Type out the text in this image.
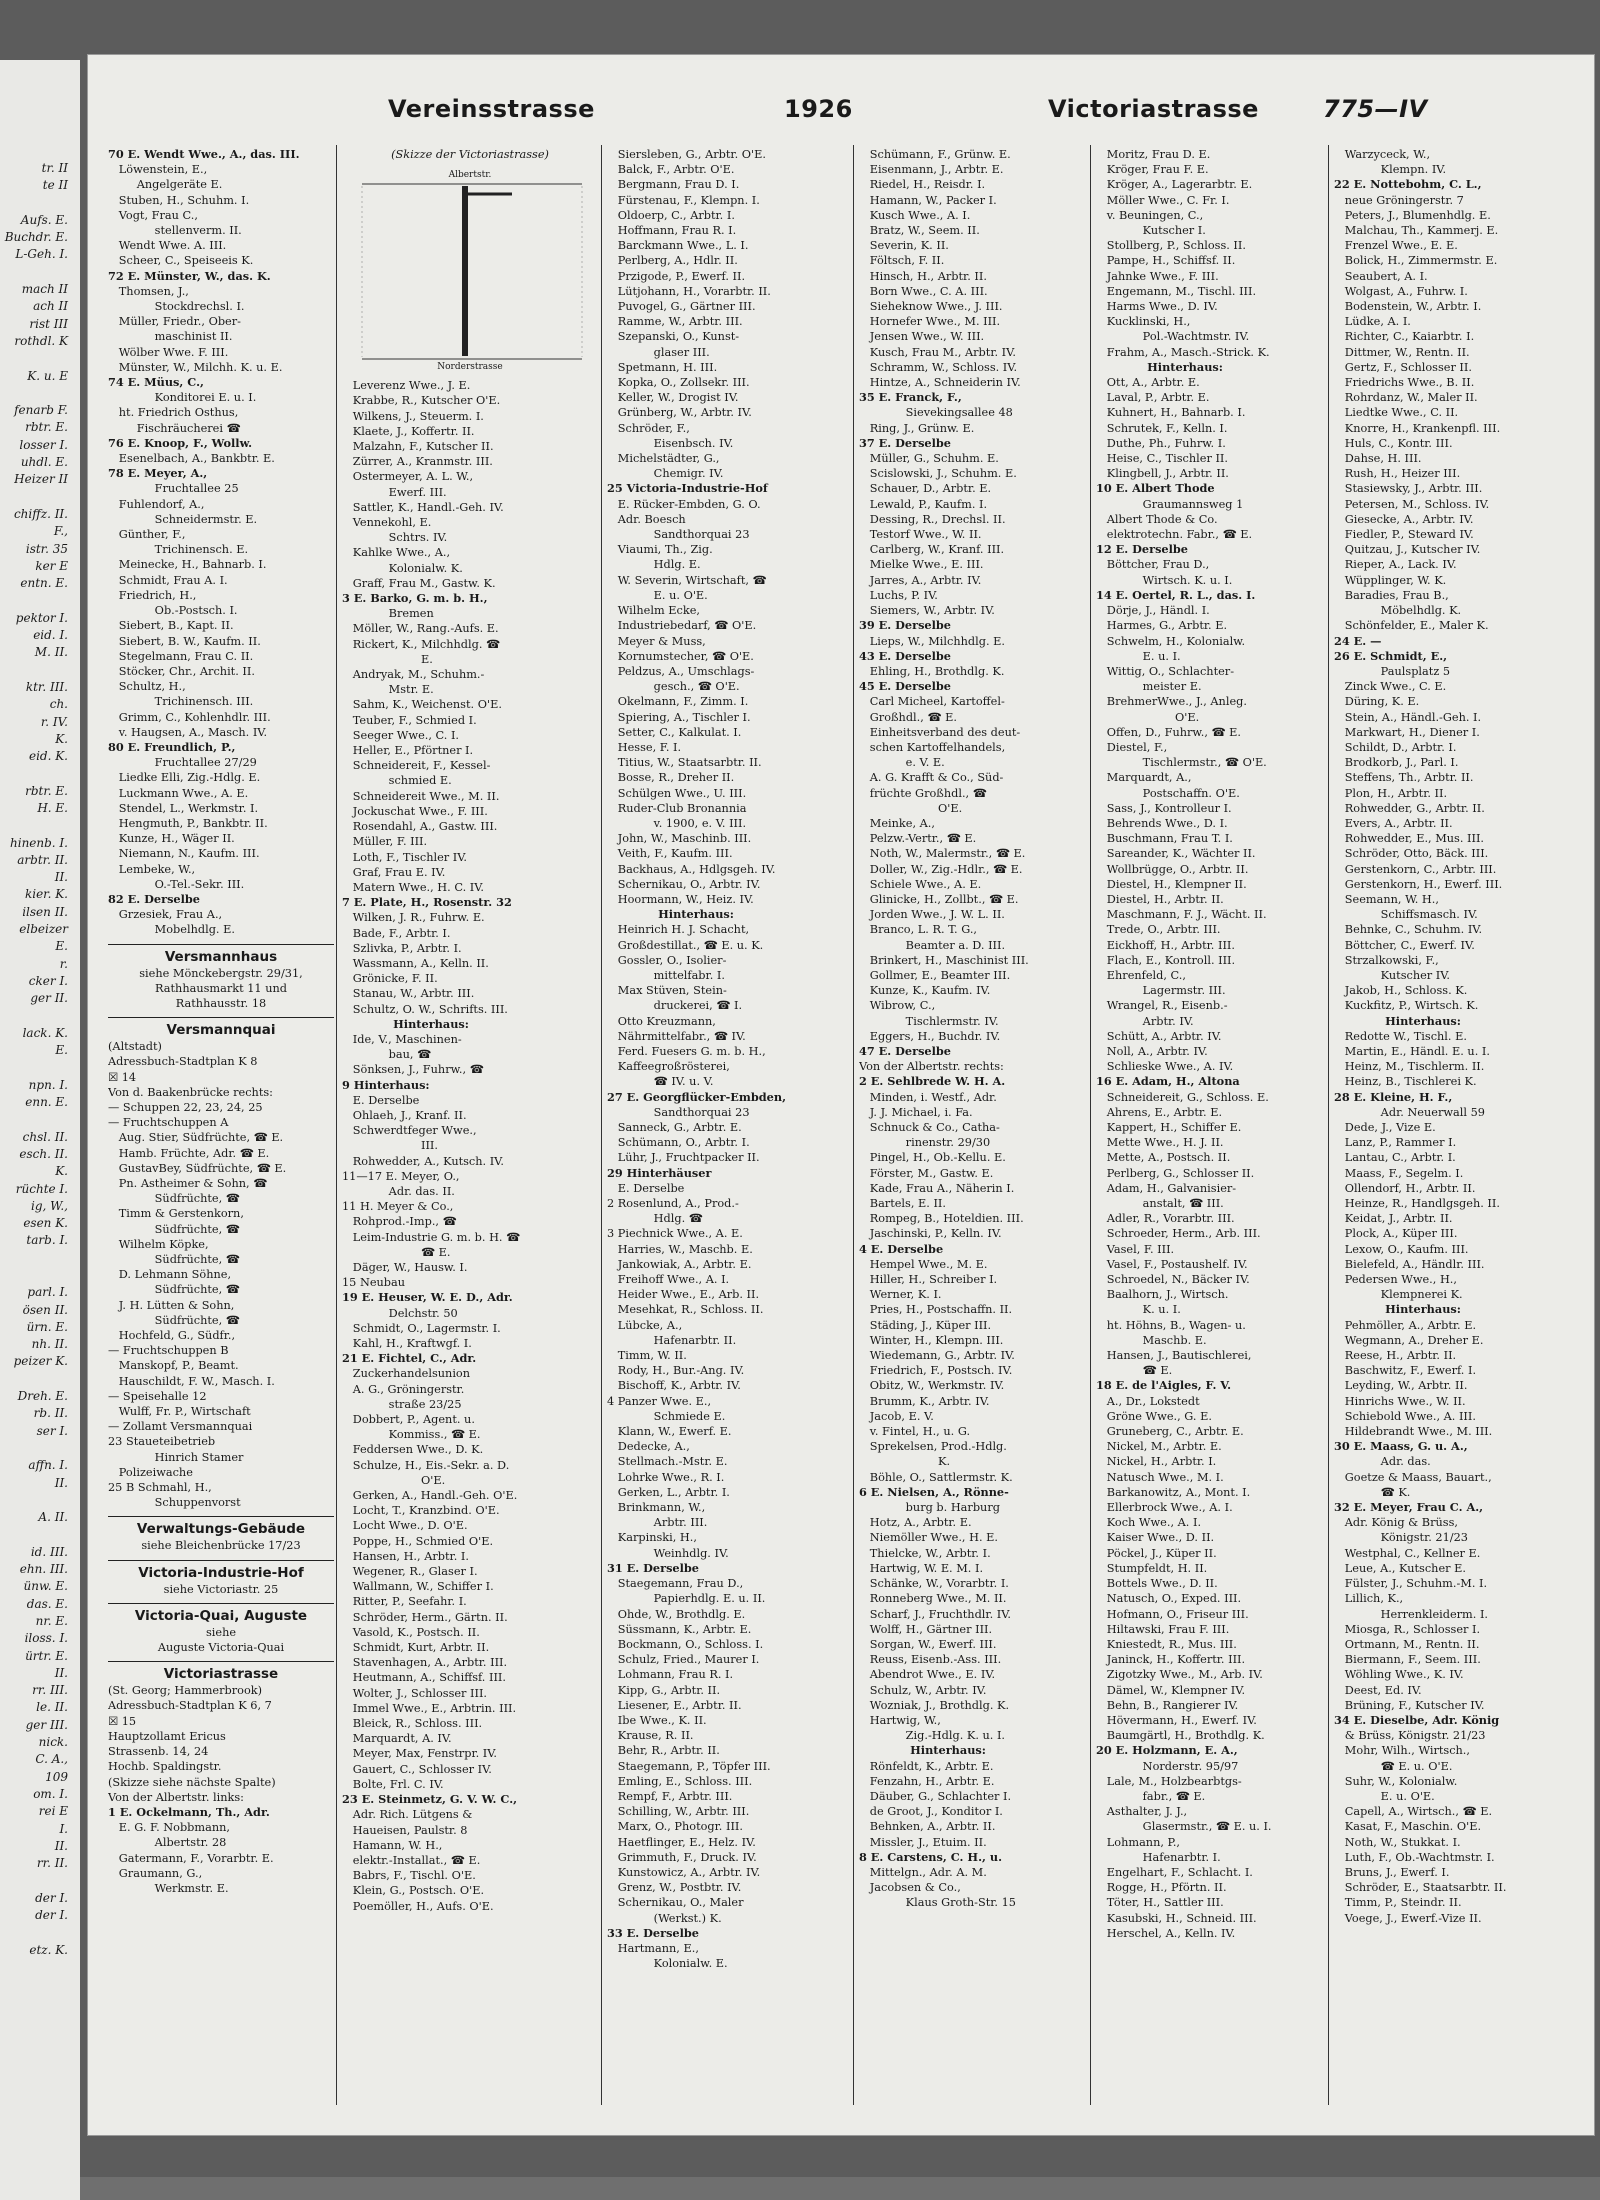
tr. II
te II

Aufs. E.
Buchdr. E.
L-Geh. I.

mach II
ach II
rist III
rothdl. K

K. u. E

fenarb F.
rbtr. E.
losser I.
uhdl. E.
Heizer II

chiffz. II.
F.,
istr. 35
ker E
entn. E.

pektor I.
eid. I.
M. II.

ktr. III.
ch.
r. IV.
K.
eid. K.

rbtr. E.
H. E.

hinenb. I.
arbtr. II.
II.
kier. K.
ilsen II.
elbeizer
E.
r.
cker I.
ger II.

lack. K.
E.

npn. I.
enn. E.

chsl. II.
esch. II.
K.
rüchte I.
ig, W.,
esen K.
tarb. I.

parl. I.
ösen II.
ürn. E.
nh. II.
peizer K.

Dreh. E.
rb. II.
ser I.

affn. I.
II.

A. II.

id. III.
ehn. III.
ünw. E.
das. E.
nr. E.
iloss. I.
ürtr. E.
II.
rr. III.
le. II.
ger III.
nick.
C. A.,
109
om. I.
rei E
I.
II.
rr. II.

der I.
der I.

etz. K.
Vereinsstrasse	1926	Victoriastrasse	775—IV
70 E. Wendt Wwe., A., das. III.
Löwenstein, E.,
Angelgeräte E.
Stuben, H., Schuhm. I.
Vogt, Frau C.,
stellenverm. II.
Wendt Wwe. A. III.
Scheer, C., Speiseeis K.
72 E. Münster, W., das. K.
Thomsen, J.,
Stockdrechsl. I.
Müller, Friedr., Ober-
maschinist II.
Wölber Wwe. F. III.
Münster, W., Milchh. K. u. E.
74 E. Müus, C.,
Konditorei E. u. I.
ht. Friedrich Osthus,
Fischräucherei ☎
76 E. Knoop, F., Wollw.
Esenelbach, A., Bankbtr. E.
78 E. Meyer, A.,
Fruchtallee 25
Fuhlendorf, A.,
Schneidermstr. E.
Günther, F.,
Trichinensch. E.
Meinecke, H., Bahnarb. I.
Schmidt, Frau A. I.
Friedrich, H.,
Ob.-Postsch. I.
Siebert, B., Kapt. II.
Siebert, B. W., Kaufm. II.
Stegelmann, Frau C. II.
Stöcker, Chr., Archit. II.
Schultz, H.,
Trichinensch. III.
Grimm, C., Kohlenhdlr. III.
v. Haugsen, A., Masch. IV.
80 E. Freundlich, P.,
Fruchtallee 27/29
Liedke Elli, Zig.-Hdlg. E.
Luckmann Wwe., A. E.
Stendel, L., Werkmstr. I.
Hengmuth, P., Bankbtr. II.
Kunze, H., Wäger II.
Niemann, N., Kaufm. III.
Lembeke, W.,
O.-Tel.-Sekr. III.
82 E. Derselbe
Grzesiek, Frau A.,
Mobelhdlg. E.
Versmannhaus
siehe Mönckebergstr. 29/31,
Rathhausmarkt 11 und
Rathhausstr. 18
Versmannquai
(Altstadt)
Adressbuch-Stadtplan K 8
☒ 14
Von d. Baakenbrücke rechts:
— Schuppen 22, 23, 24, 25
— Fruchtschuppen A
Aug. Stier, Südfrüchte, ☎ E.
Hamb. Früchte, Adr. ☎ E.
GustavBey, Südfrüchte, ☎ E.
Pn. Astheimer & Sohn, ☎
Südfrüchte, ☎
Timm & Gerstenkorn,
Südfrüchte, ☎
Wilhelm Köpke,
Südfrüchte, ☎
D. Lehmann Söhne,
Südfrüchte, ☎
J. H. Lütten & Sohn,
Südfrüchte, ☎
Hochfeld, G., Südfr.,
— Fruchtschuppen B
Manskopf, P., Beamt.
Hauschildt, F. W., Masch. I.
— Speisehalle 12
Wulff, Fr. P., Wirtschaft
— Zollamt Versmannquai
23 Staueteibetrieb
Hinrich Stamer
Polizeiwache
25 B Schmahl, H.,
Schuppenvorst
Verwaltungs-Gebäude
siehe Bleichenbrücke 17/23
Victoria-Industrie-Hof
siehe Victoriastr. 25
Victoria-Quai, Auguste
siehe
Auguste Victoria-Quai
Victoriastrasse
(St. Georg; Hammerbrook)
Adressbuch-Stadtplan K 6, 7
☒ 15
Hauptzollamt Ericus
Strassenb. 14, 24
Hochb. Spaldingstr.
(Skizze siehe nächste Spalte)
Von der Albertstr. links:
1 E. Ockelmann, Th., Adr.
E. G. F. Nobbmann,
Albertstr. 28
Gatermann, F., Vorarbtr. E.
Graumann, G.,
Werkmstr. E.
(Skizze der Victoriastrasse)
Albertstr.
Norderstrasse
Leverenz Wwe., J. E.
Krabbe, R., Kutscher O'E.
Wilkens, J., Steuerm. I.
Klaete, J., Koffertr. II.
Malzahn, F., Kutscher II.
Zürrer, A., Kranmstr. III.
Ostermeyer, A. L. W.,
Ewerf. III.
Sattler, K., Handl.-Geh. IV.
Vennekohl, E.
Schtrs. IV.
Kahlke Wwe., A.,
Kolonialw. K.
Graff, Frau M., Gastw. K.
3 E. Barko, G. m. b. H.,
Bremen
Möller, W., Rang.-Aufs. E.
Rickert, K., Milchhdlg. ☎
E.
Andryak, M., Schuhm.-
Mstr. E.
Sahm, K., Weichenst. O'E.
Teuber, F., Schmied I.
Seeger Wwe., C. I.
Heller, E., Pförtner I.
Schneidereit, F., Kessel-
schmied E.
Schneidereit Wwe., M. II.
Jockuschat Wwe., F. III.
Rosendahl, A., Gastw. III.
Müller, F. III.
Loth, F., Tischler IV.
Graf, Frau E. IV.
Matern Wwe., H. C. IV.
7 E. Plate, H., Rosenstr. 32
Wilken, J. R., Fuhrw. E.
Bade, F., Arbtr. I.
Szlivka, P., Arbtr. I.
Wassmann, A., Kelln. II.
Grönicke, F. II.
Stanau, W., Arbtr. III.
Schultz, O. W., Schrifts. III.
Hinterhaus:
Ide, V., Maschinen-
bau, ☎
Sönksen, J., Fuhrw., ☎
9 Hinterhaus:
E. Derselbe
Ohlaeh, J., Kranf. II.
Schwerdtfeger Wwe.,
III.
Rohwedder, A., Kutsch. IV.
11—17 E. Meyer, O.,
Adr. das. II.
11 H. Meyer & Co.,
Rohprod.-Imp., ☎
Leim-Industrie G. m. b. H. ☎
☎ E.
Däger, W., Hausw. I.
15 Neubau
19 E. Heuser, W. E. D., Adr.
Delchstr. 50
Schmidt, O., Lagermstr. I.
Kahl, H., Kraftwgf. I.
21 E. Fichtel, C., Adr.
Zuckerhandelsunion
A. G., Gröningerstr.
straße 23/25
Dobbert, P., Agent. u.
Kommiss., ☎ E.
Feddersen Wwe., D. K.
Schulze, H., Eis.-Sekr. a. D.
O'E.
Gerken, A., Handl.-Geh. O'E.
Locht, T., Kranzbind. O'E.
Locht Wwe., D. O'E.
Poppe, H., Schmied O'E.
Hansen, H., Arbtr. I.
Wegener, R., Glaser I.
Wallmann, W., Schiffer I.
Ritter, P., Seefahr. I.
Schröder, Herm., Gärtn. II.
Vasold, K., Postsch. II.
Schmidt, Kurt, Arbtr. II.
Stavenhagen, A., Arbtr. III.
Heutmann, A., Schiffsf. III.
Wolter, J., Schlosser III.
Immel Wwe., E., Arbtrin. III.
Bleick, R., Schloss. III.
Marquardt, A. IV.
Meyer, Max, Fenstrpr. IV.
Gauert, C., Schlosser IV.
Bolte, Frl. C. IV.
23 E. Steinmetz, G. V. W. C.,
Adr. Rich. Lütgens &
Haueisen, Paulstr. 8
Hamann, W. H.,
elektr.-Installat., ☎ E.
Babrs, F., Tischl. O'E.
Klein, G., Postsch. O'E.
Poemöller, H., Aufs. O'E.
Siersleben, G., Arbtr. O'E.
Balck, F., Arbtr. O'E.
Bergmann, Frau D. I.
Fürstenau, F., Klempn. I.
Oldoerp, C., Arbtr. I.
Hoffmann, Frau R. I.
Barckmann Wwe., L. I.
Perlberg, A., Hdlr. II.
Przigode, P., Ewerf. II.
Lütjohann, H., Vorarbtr. II.
Puvogel, G., Gärtner III.
Ramme, W., Arbtr. III.
Szepanski, O., Kunst-
glaser III.
Spetmann, H. III.
Kopka, O., Zollsekr. III.
Keller, W., Drogist IV.
Grünberg, W., Arbtr. IV.
Schröder, F.,
Eisenbsch. IV.
Michelstädter, G.,
Chemigr. IV.
25 Victoria-Industrie-Hof
E. Rücker-Embden, G. O.
Adr. Boesch
Sandthorquai 23
Viaumi, Th., Zig.
Hdlg. E.
W. Severin, Wirtschaft, ☎
E. u. O'E.
Wilhelm Ecke,
Industriebedarf, ☎ O'E.
Meyer & Muss,
Kornumstecher, ☎ O'E.
Peldzus, A., Umschlags-
gesch., ☎ O'E.
Okelmann, F., Zimm. I.
Spiering, A., Tischler I.
Setter, C., Kalkulat. I.
Hesse, F. I.
Titius, W., Staatsarbtr. II.
Bosse, R., Dreher II.
Schülgen Wwe., U. III.
Ruder-Club Bronannia
v. 1900, e. V. III.
John, W., Maschinb. III.
Veith, F., Kaufm. III.
Backhaus, A., Hdlgsgeh. IV.
Schernikau, O., Arbtr. IV.
Hoormann, W., Heiz. IV.
Hinterhaus:
Heinrich H. J. Schacht,
Großdestillat., ☎ E. u. K.
Gossler, O., Isolier-
mittelfabr. I.
Max Stüven, Stein-
druckerei, ☎ I.
Otto Kreuzmann,
Nährmittelfabr., ☎ IV.
Ferd. Fuesers G. m. b. H.,
Kaffeegroßrösterei,
☎ IV. u. V.
27 E. Georgflücker-Embden,
Sandthorquai 23
Sanneck, G., Arbtr. E.
Schümann, O., Arbtr. I.
Lühr, J., Fruchtpacker II.
29 Hinterhäuser
E. Derselbe
2 Rosenlund, A., Prod.-
Hdlg. ☎
3 Piechnick Wwe., A. E.
Harries, W., Maschb. E.
Jankowiak, A., Arbtr. E.
Freihoff Wwe., A. I.
Heider Wwe., E., Arb. II.
Mesehkat, R., Schloss. II.
Lübcke, A.,
Hafenarbtr. II.
Timm, W. II.
Rody, H., Bur.-Ang. IV.
Bischoff, K., Arbtr. IV.
4 Panzer Wwe. E.,
Schmiede E.
Klann, W., Ewerf. E.
Dedecke, A.,
Stellmach.-Mstr. E.
Lohrke Wwe., R. I.
Gerken, L., Arbtr. I.
Brinkmann, W.,
Arbtr. III.
Karpinski, H.,
Weinhdlg. IV.
31 E. Derselbe
Staegemann, Frau D.,
Papierhdlg. E. u. II.
Ohde, W., Brothdlg. E.
Süssmann, K., Arbtr. E.
Bockmann, O., Schloss. I.
Schulz, Fried., Maurer I.
Lohmann, Frau R. I.
Kipp, G., Arbtr. II.
Liesener, E., Arbtr. II.
Ibe Wwe., K. II.
Krause, R. II.
Behr, R., Arbtr. II.
Staegemann, P., Töpfer III.
Emling, E., Schloss. III.
Rempf, F., Arbtr. III.
Schilling, W., Arbtr. III.
Marx, O., Photogr. III.
Haetflinger, E., Helz. IV.
Grimmuth, F., Druck. IV.
Kunstowicz, A., Arbtr. IV.
Grenz, W., Postbtr. IV.
Schernikau, O., Maler
(Werkst.) K.
33 E. Derselbe
Hartmann, E.,
Kolonialw. E.
Schümann, F., Grünw. E.
Eisenmann, J., Arbtr. E.
Riedel, H., Reisdr. I.
Hamann, W., Packer I.
Kusch Wwe., A. I.
Bratz, W., Seem. II.
Severin, K. II.
Föltsch, F. II.
Hinsch, H., Arbtr. II.
Born Wwe., C. A. III.
Sieheknow Wwe., J. III.
Hornefer Wwe., M. III.
Jensen Wwe., W. III.
Kusch, Frau M., Arbtr. IV.
Schramm, W., Schloss. IV.
Hintze, A., Schneiderin IV.
35 E. Franck, F.,
Sievekingsallee 48
Ring, J., Grünw. E.
37 E. Derselbe
Müller, G., Schuhm. E.
Scislowski, J., Schuhm. E.
Schauer, D., Arbtr. E.
Lewald, P., Kaufm. I.
Dessing, R., Drechsl. II.
Testorf Wwe., W. II.
Carlberg, W., Kranf. III.
Mielke Wwe., E. III.
Jarres, A., Arbtr. IV.
Luchs, P. IV.
Siemers, W., Arbtr. IV.
39 E. Derselbe
Lieps, W., Milchhdlg. E.
43 E. Derselbe
Ehling, H., Brothdlg. K.
45 E. Derselbe
Carl Micheel, Kartoffel-
Großhdl., ☎ E.
Einheitsverband des deut-
schen Kartoffelhandels,
e. V. E.
A. G. Krafft & Co., Süd-
früchte Großhdl., ☎
O'E.
Meinke, A.,
Pelzw.-Vertr., ☎ E.
Noth, W., Malermstr., ☎ E.
Doller, W., Zig.-Hdlr., ☎ E.
Schiele Wwe., A. E.
Glinicke, H., Zollbt., ☎ E.
Jorden Wwe., J. W. L. II.
Branco, L. R. T. G.,
Beamter a. D. III.
Brinkert, H., Maschinist III.
Gollmer, E., Beamter III.
Kunze, K., Kaufm. IV.
Wibrow, C.,
Tischlermstr. IV.
Eggers, H., Buchdr. IV.
47 E. Derselbe
Von der Albertstr. rechts:
2 E. Sehlbrede W. H. A.
Minden, i. Westf., Adr.
J. J. Michael, i. Fa.
Schnuck & Co., Catha-
rinenstr. 29/30
Pingel, H., Ob.-Kellu. E.
Förster, M., Gastw. E.
Kade, Frau A., Näherin I.
Bartels, E. II.
Rompeg, B., Hoteldien. III.
Jaschinski, P., Kelln. IV.
4 E. Derselbe
Hempel Wwe., M. E.
Hiller, H., Schreiber I.
Werner, K. I.
Pries, H., Postschaffn. II.
Städing, J., Küper III.
Winter, H., Klempn. III.
Wiedemann, G., Arbtr. IV.
Friedrich, F., Postsch. IV.
Obitz, W., Werkmstr. IV.
Brumm, K., Arbtr. IV.
Jacob, E. V.
v. Fintel, H., u. G.
Sprekelsen, Prod.-Hdlg.
K.
Böhle, O., Sattlermstr. K.
6 E. Nielsen, A., Rönne-
burg b. Harburg
Hotz, A., Arbtr. E.
Niemöller Wwe., H. E.
Thielcke, W., Arbtr. I.
Hartwig, W. E. M. I.
Schänke, W., Vorarbtr. I.
Ronneberg Wwe., M. II.
Scharf, J., Fruchthdlr. IV.
Wolff, H., Gärtner III.
Sorgan, W., Ewerf. III.
Reuss, Eisenb.-Ass. III.
Abendrot Wwe., E. IV.
Schulz, W., Arbtr. IV.
Wozniak, J., Brothdlg. K.
Hartwig, W.,
Zig.-Hdlg. K. u. I.
Hinterhaus:
Rönfeldt, K., Arbtr. E.
Fenzahn, H., Arbtr. E.
Däuber, G., Schlachter I.
de Groot, J., Konditor I.
Behnken, A., Arbtr. II.
Missler, J., Etuim. II.
8 E. Carstens, C. H., u.
Mittelgn., Adr. A. M.
Jacobsen & Co.,
Klaus Groth-Str. 15
Moritz, Frau D. E.
Kröger, Frau F. E.
Kröger, A., Lagerarbtr. E.
Möller Wwe., C. Fr. I.
v. Beuningen, C.,
Kutscher I.
Stollberg, P., Schloss. II.
Pampe, H., Schiffsf. II.
Jahnke Wwe., F. III.
Engemann, M., Tischl. III.
Harms Wwe., D. IV.
Kucklinski, H.,
Pol.-Wachtmstr. IV.
Frahm, A., Masch.-Strick. K.
Hinterhaus:
Ott, A., Arbtr. E.
Laval, P., Arbtr. E.
Kuhnert, H., Bahnarb. I.
Schrutek, F., Kelln. I.
Duthe, Ph., Fuhrw. I.
Heise, C., Tischler II.
Klingbell, J., Arbtr. II.
10 E. Albert Thode
Graumannsweg 1
Albert Thode & Co.
elektrotechn. Fabr., ☎ E.
12 E. Derselbe
Böttcher, Frau D.,
Wirtsch. K. u. I.
14 E. Oertel, R. L., das. I.
Dörje, J., Händl. I.
Harmes, G., Arbtr. E.
Schwelm, H., Kolonialw.
E. u. I.
Wittig, O., Schlachter-
meister E.
BrehmerWwe., J., Anleg.
O'E.
Offen, D., Fuhrw., ☎ E.
Diestel, F.,
Tischlermstr., ☎ O'E.
Marquardt, A.,
Postschaffn. O'E.
Sass, J., Kontrolleur I.
Behrends Wwe., D. I.
Buschmann, Frau T. I.
Sareander, K., Wächter II.
Wollbrügge, O., Arbtr. II.
Diestel, H., Klempner II.
Diestel, H., Arbtr. II.
Maschmann, F. J., Wächt. II.
Trede, O., Arbtr. III.
Eickhoff, H., Arbtr. III.
Flach, E., Kontroll. III.
Ehrenfeld, C.,
Lagermstr. III.
Wrangel, R., Eisenb.-
Arbtr. IV.
Schütt, A., Arbtr. IV.
Noll, A., Arbtr. IV.
Schlieske Wwe., A. IV.
16 E. Adam, H., Altona
Schneidereit, G., Schloss. E.
Ahrens, E., Arbtr. E.
Kappert, H., Schiffer E.
Mette Wwe., H. J. II.
Mette, A., Postsch. II.
Perlberg, G., Schlosser II.
Adam, H., Galvanisier-
anstalt, ☎ III.
Adler, R., Vorarbtr. III.
Schroeder, Herm., Arb. III.
Vasel, F. III.
Vasel, F., Postaushelf. IV.
Schroedel, N., Bäcker IV.
Baalhorn, J., Wirtsch.
K. u. I.
ht. Höhns, B., Wagen- u.
Maschb. E.
Hansen, J., Bautischlerei,
☎ E.
18 E. de l'Aigles, F. V.
A., Dr., Lokstedt
Gröne Wwe., G. E.
Gruneberg, C., Arbtr. E.
Nickel, M., Arbtr. E.
Nickel, H., Arbtr. I.
Natusch Wwe., M. I.
Barkanowitz, A., Mont. I.
Ellerbrock Wwe., A. I.
Koch Wwe., A. I.
Kaiser Wwe., D. II.
Pöckel, J., Küper II.
Stumpfeldt, H. II.
Bottels Wwe., D. II.
Natusch, O., Exped. III.
Hofmann, O., Friseur III.
Hiltawski, Frau F. III.
Kniestedt, R., Mus. III.
Janinck, H., Koffertr. III.
Zigotzky Wwe., M., Arb. IV.
Dämel, W., Klempner IV.
Behn, B., Rangierer IV.
Hövermann, H., Ewerf. IV.
Baumgärtl, H., Brothdlg. K.
20 E. Holzmann, E. A.,
Norderstr. 95/97
Lale, M., Holzbearbtgs-
fabr., ☎ E.
Asthalter, J. J.,
Glasermstr., ☎ E. u. I.
Lohmann, P.,
Hafenarbtr. I.
Engelhart, F., Schlacht. I.
Rogge, H., Pförtn. II.
Töter, H., Sattler III.
Kasubski, H., Schneid. III.
Herschel, A., Kelln. IV.
Warzyceck, W.,
Klempn. IV.
22 E. Nottebohm, C. L.,
neue Gröningerstr. 7
Peters, J., Blumenhdlg. E.
Malchau, Th., Kammerj. E.
Frenzel Wwe., E. E.
Bolick, H., Zimmermstr. E.
Seaubert, A. I.
Wolgast, A., Fuhrw. I.
Bodenstein, W., Arbtr. I.
Lüdke, A. I.
Richter, C., Kaiarbtr. I.
Dittmer, W., Rentn. II.
Gertz, F., Schlosser II.
Friedrichs Wwe., B. II.
Rohrdanz, W., Maler II.
Liedtke Wwe., C. II.
Knorre, H., Krankenpfl. III.
Huls, C., Kontr. III.
Dahse, H. III.
Rush, H., Heizer III.
Stasiewsky, J., Arbtr. III.
Petersen, M., Schloss. IV.
Giesecke, A., Arbtr. IV.
Fiedler, P., Steward IV.
Quitzau, J., Kutscher IV.
Rieper, A., Lack. IV.
Wüpplinger, W. K.
Baradies, Frau B.,
Möbelhdlg. K.
Schönfelder, E., Maler K.
24 E. —
26 E. Schmidt, E.,
Paulsplatz 5
Zinck Wwe., C. E.
Düring, K. E.
Stein, A., Händl.-Geh. I.
Markwart, H., Diener I.
Schildt, D., Arbtr. I.
Brodkorb, J., Parl. I.
Steffens, Th., Arbtr. II.
Plon, H., Arbtr. II.
Rohwedder, G., Arbtr. II.
Evers, A., Arbtr. II.
Rohwedder, E., Mus. III.
Schröder, Otto, Bäck. III.
Gerstenkorn, C., Arbtr. III.
Gerstenkorn, H., Ewerf. III.
Seemann, W. H.,
Schiffsmasch. IV.
Behnke, C., Schuhm. IV.
Böttcher, C., Ewerf. IV.
Strzalkowski, F.,
Kutscher IV.
Jakob, H., Schloss. K.
Kuckfitz, P., Wirtsch. K.
Hinterhaus:
Redotte W., Tischl. E.
Martin, E., Händl. E. u. I.
Heinz, M., Tischlerm. II.
Heinz, B., Tischlerei K.
28 E. Kleine, H. F.,
Adr. Neuerwall 59
Dede, J., Vize E.
Lanz, P., Rammer I.
Lantau, C., Arbtr. I.
Maass, F., Segelm. I.
Ollendorf, H., Arbtr. II.
Heinze, R., Handlgsgeh. II.
Keidat, J., Arbtr. II.
Plock, A., Küper III.
Lexow, O., Kaufm. III.
Bielefeld, A., Händlr. III.
Pedersen Wwe., H.,
Klempnerei K.
Hinterhaus:
Pehmöller, A., Arbtr. E.
Wegmann, A., Dreher E.
Reese, H., Arbtr. II.
Baschwitz, F., Ewerf. I.
Leyding, W., Arbtr. II.
Hinrichs Wwe., W. II.
Schiebold Wwe., A. III.
Hildebrandt Wwe., M. III.
30 E. Maass, G. u. A.,
Adr. das.
Goetze & Maass, Bauart.,
☎ K.
32 E. Meyer, Frau C. A.,
Adr. König & Brüss,
Königstr. 21/23
Westphal, C., Kellner E.
Leue, A., Kutscher E.
Fülster, J., Schuhm.-M. I.
Lillich, K.,
Herrenkleiderm. I.
Miosga, R., Schlosser I.
Ortmann, M., Rentn. II.
Biermann, F., Seem. III.
Wöhling Wwe., K. IV.
Deest, Ed. IV.
Brüning, F., Kutscher IV.
34 E. Dieselbe, Adr. König
& Brüss, Königstr. 21/23
Mohr, Wilh., Wirtsch.,
☎ E. u. O'E.
Suhr, W., Kolonialw.
E. u. O'E.
Capell, A., Wirtsch., ☎ E.
Kasat, F., Maschin. O'E.
Noth, W., Stukkat. I.
Luth, F., Ob.-Wachtmstr. I.
Bruns, J., Ewerf. I.
Schröder, E., Staatsarbtr. II.
Timm, P., Steindr. II.
Voege, J., Ewerf.-Vize II.
